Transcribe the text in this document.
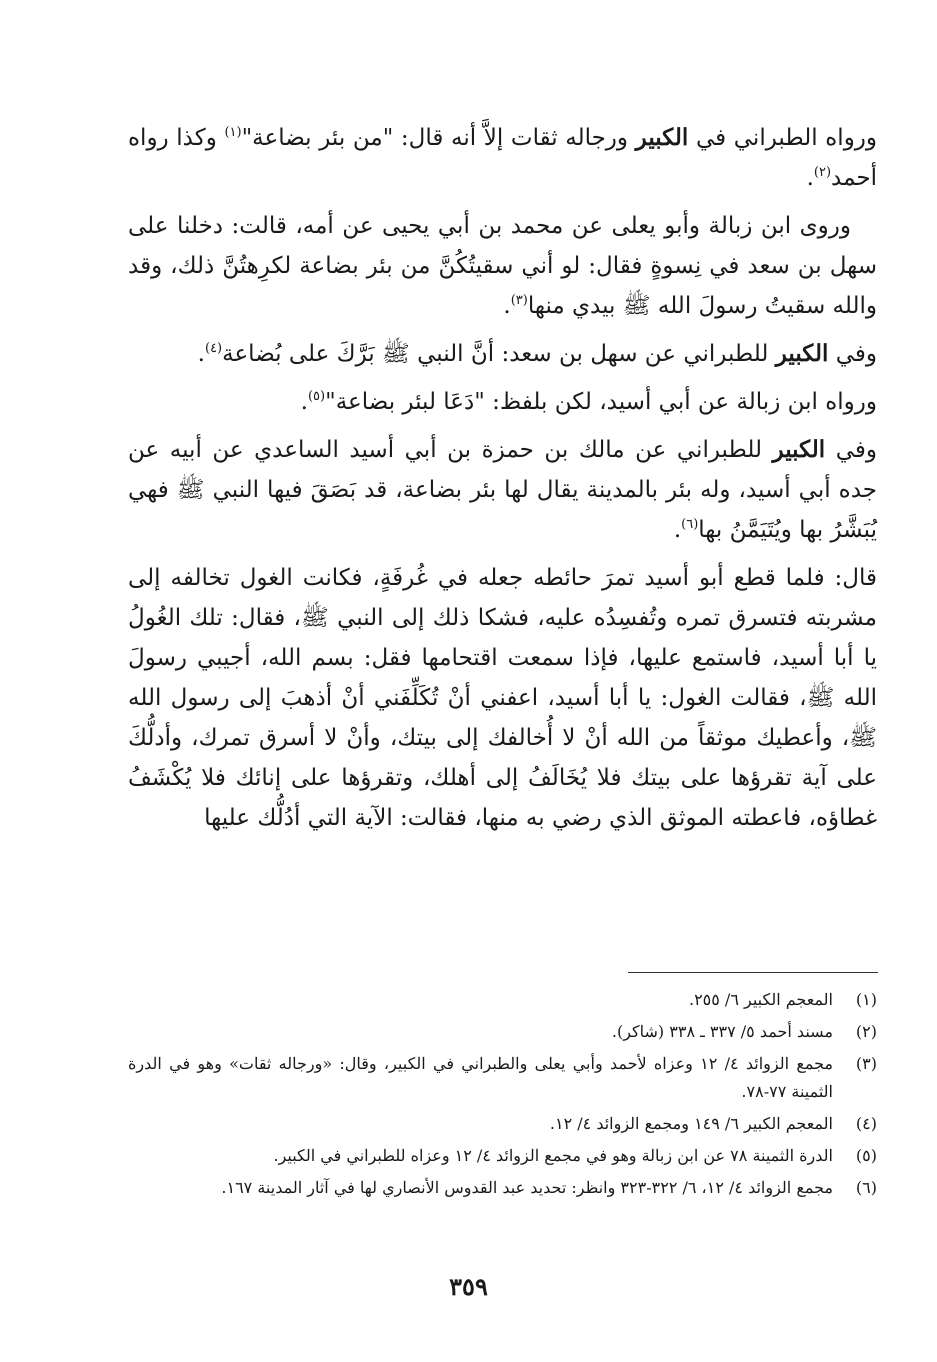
ورواه الطبراني في الكبير ورجاله ثقات إلاَّ أنه قال: "من بئر بضاعة"$^{(١)}$ وكذا رواه أحمد$^{(٢)}$.

وروى ابن زبالة وأبو يعلى عن محمد بن أبي يحيى عن أمه، قالت: دخلنا على سهل بن سعد في نِسوةٍ فقال: لو أني سقيتُكُنَّ من بئر بضاعة لكرِهتُنَّ ذلك، وقد والله سقيتُ رسولَ الله ﷺ بيدي منها$^{(٣)}$.

وفي الكبير للطبراني عن سهل بن سعد: أنَّ النبي ﷺ بَرَّكَ على بُضاعة$^{(٤)}$.

ورواه ابن زبالة عن أبي أسيد، لكن بلفظ: "دَعَا لبئر بضاعة"$^{(٥)}$.

وفي الكبير للطبراني عن مالك بن حمزة بن أبي أسيد الساعدي عن أبيه عن جده أبي أسيد، وله بئر بالمدينة يقال لها بئر بضاعة، قد بَصَقَ فيها النبي ﷺ فهي يُبَشَّرُ بها ويُتَيَمَّنُ بها$^{(٦)}$.

قال: فلما قطع أبو أسيد تمرَ حائطه جعله في غُرفَةٍ، فكانت الغول تخالفه إلى مشربته فتسرق تمره وتُفسِدُه عليه، فشكا ذلك إلى النبي ﷺ، فقال: تلك الغُولُ يا أبا أسيد، فاستمع عليها، فإذا سمعت اقتحامها فقل: بسم الله، أجيبي رسولَ الله ﷺ، فقالت الغول: يا أبا أسيد، اعفني أنْ تُكَلِّفَني أنْ أذهبَ إلى رسول الله ﷺ، وأعطيك موثقاً من الله أنْ لا أُخالفك إلى بيتك، وأنْ لا أسرق تمرك، وأدلُّكَ على آية تقرؤها على بيتك فلا يُخَالَفُ إلى أهلك، وتقرؤها على إنائك فلا يُكْشَفُ غطاؤه، فاعطته الموثق الذي رضي به منها، فقالت: الآية التي أدُلُّك عليها

(١)
المعجم الكبير ٦/ ٢٥٥.
(٢)
مسند أحمد ٥/ ٣٣٧ ـ ٣٣٨ (شاكر).
(٣)
مجمع الزوائد ٤/ ١٢ وعزاه لأحمد وأبي يعلى والطبراني في الكبير، وقال: «ورجاله ثقات» وهو في الدرة الثمينة ٧٧-٧٨.
(٤)
المعجم الكبير ٦/ ١٤٩ ومجمع الزوائد ٤/ ١٢.
(٥)
الدرة الثمينة ٧٨ عن ابن زبالة وهو في مجمع الزوائد ٤/ ١٢ وعزاه للطبراني في الكبير.
(٦)
مجمع الزوائد ٤/ ١٢، ٦/ ٣٢٢-٣٢٣ وانظر: تحديد عبد القدوس الأنصاري لها في آثار المدينة ١٦٧.
٣٥٩
